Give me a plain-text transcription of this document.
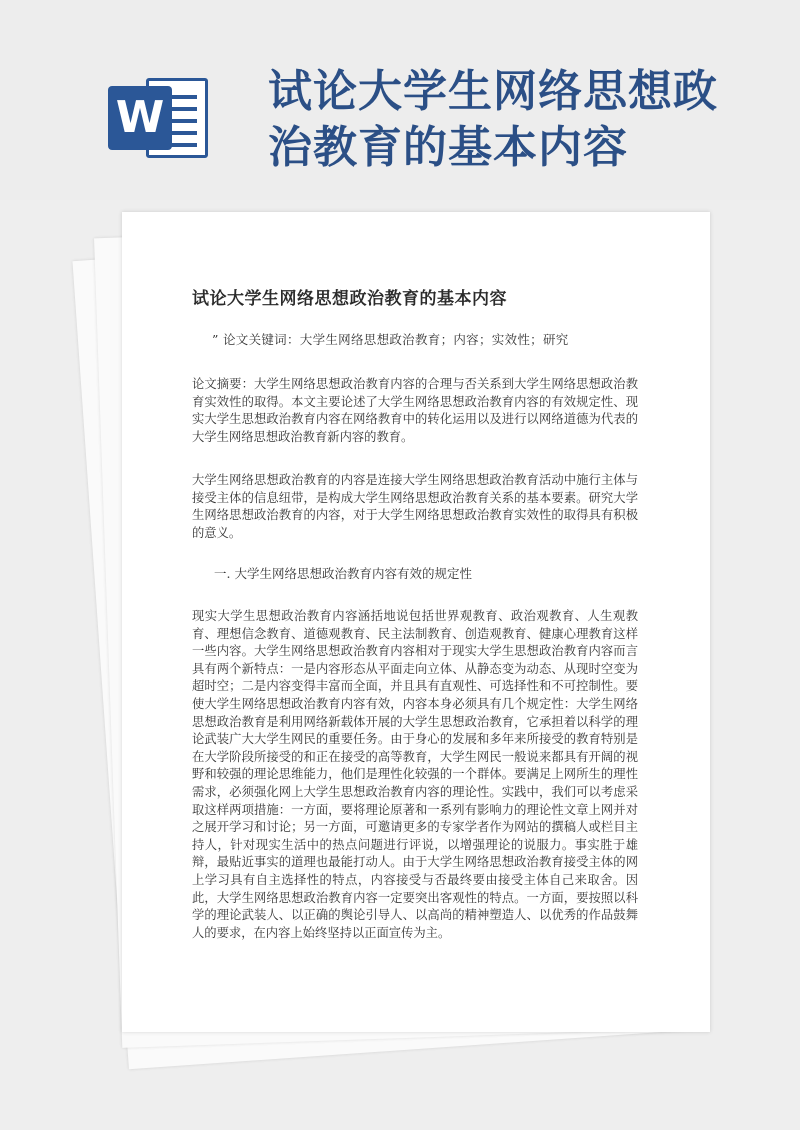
W
试论大学生网络思想政治教育的基本内容
试论大学生网络思想政治教育的基本内容
” 论文关键词：大学生网络思想政治教育；内容；实效性；研究

论文摘要：大学生网络思想政治教育内容的合理与否关系到大学生网络思想政治教育实效性的取得。本文主要论述了大学生网络思想政治教育内容的有效规定性、现实大学生思想政治教育内容在网络教育中的转化运用以及进行以网络道德为代表的大学生网络思想政治教育新内容的教育。

大学生网络思想政治教育的内容是连接大学生网络思想政治教育活动中施行主体与接受主体的信息纽带，是构成大学生网络思想政治教育关系的基本要素。研究大学生网络思想政治教育的内容，对于大学生网络思想政治教育实效性的取得具有积极的意义。

一. 大学生网络思想政治教育内容有效的规定性

现实大学生思想政治教育内容涵括地说包括世界观教育、政治观教育、人生观教育、理想信念教育、道德观教育、民主法制教育、创造观教育、健康心理教育这样一些内容。大学生网络思想政治教育内容相对于现实大学生思想政治教育内容而言具有两个新特点：一是内容形态从平面走向立体、从静态变为动态、从现时空变为超时空；二是内容变得丰富而全面，并且具有直观性、可选择性和不可控制性。要使大学生网络思想政治教育内容有效，内容本身必须具有几个规定性：大学生网络思想政治教育是利用网络新载体开展的大学生思想政治教育，它承担着以科学的理论武装广大大学生网民的重要任务。由于身心的发展和多年来所接受的教育特别是在大学阶段所接受的和正在接受的高等教育，大学生网民一般说来都具有开阔的视野和较强的理论思维能力，他们是理性化较强的一个群体。要满足上网所生的理性需求，必须强化网上大学生思想政治教育内容的理论性。实践中，我们可以考虑采取这样两项措施：一方面，要将理论原著和一系列有影响力的理论性文章上网并对之展开学习和讨论；另一方面，可邀请更多的专家学者作为网站的撰稿人或栏目主持人，针对现实生活中的热点问题进行评说，以增强理论的说服力。事实胜于雄辩，最贴近事实的道理也最能打动人。由于大学生网络思想政治教育接受主体的网上学习具有自主选择性的特点，内容接受与否最终要由接受主体自己来取舍。因此，大学生网络思想政治教育内容一定要突出客观性的特点。一方面，要按照以科学的理论武装人、以正确的舆论引导人、以高尚的精神塑造人、以优秀的作品鼓舞人的要求，在内容上始终坚持以正面宣传为主。
